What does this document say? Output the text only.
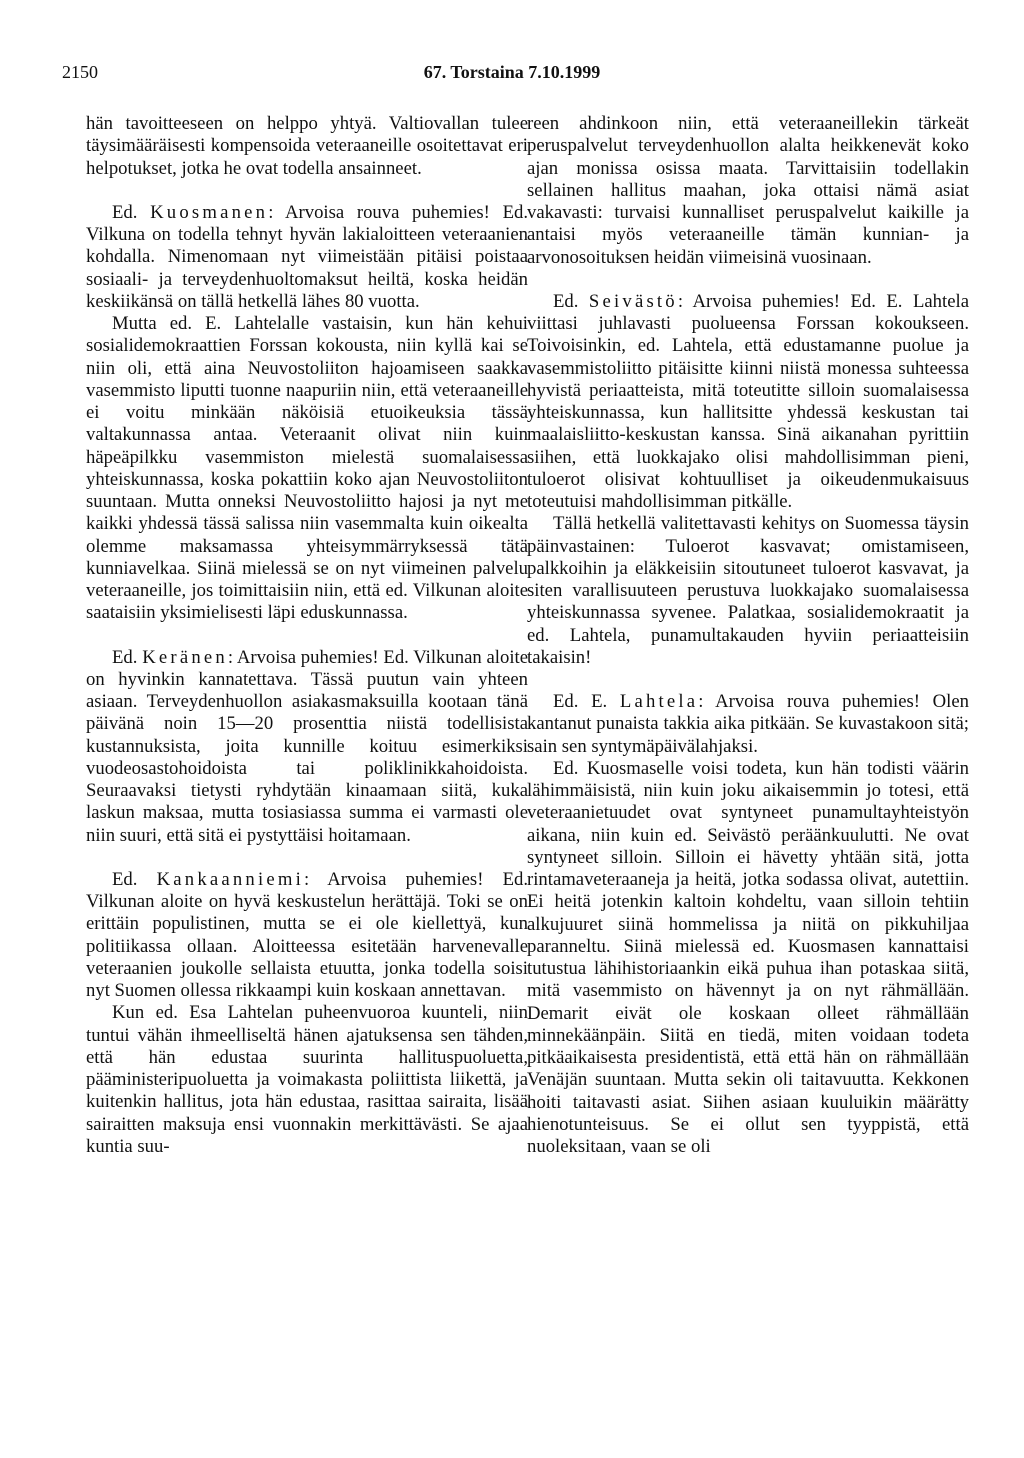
2150	67. Torstaina 7.10.1999

hän tavoitteeseen on helppo yhtyä. Valtiovallan tulee täysimääräisesti kompensoida veteraaneille osoitettavat eri helpotukset, jotka he ovat todella ansainneet.

Ed. Kuosmanen: Arvoisa rouva puhemies! Ed. Vilkuna on todella tehnyt hyvän lakialoitteen veteraanien kohdalla. Nimenomaan nyt viimeistään pitäisi poistaa sosiaali- ja terveydenhuoltomaksut heiltä, koska heidän keskiikänsä on tällä hetkellä lähes 80 vuotta.

Mutta ed. E. Lahtelalle vastaisin, kun hän kehui sosialidemokraattien Forssan kokousta, niin kyllä kai se niin oli, että aina Neuvostoliiton hajoamiseen saakka vasemmisto liputti tuonne naapuriin niin, että veteraaneille ei voitu minkään näköisiä etuoikeuksia tässä valtakunnassa antaa. Veteraanit olivat niin kuin häpeäpilkku vasemmiston mielestä suomalaisessa yhteiskunnassa, koska pokattiin koko ajan Neuvostoliiton suuntaan. Mutta onneksi Neuvostoliitto hajosi ja nyt me kaikki yhdessä tässä salissa niin vasemmalta kuin oikealta olemme maksamassa yhteisymmärryksessä tätä kunniavelkaa. Siinä mielessä se on nyt viimeinen palvelu veteraaneille, jos toimittaisiin niin, että ed. Vilkunan aloite saataisiin yksimielisesti läpi eduskunnassa.

Ed. Keränen: Arvoisa puhemies! Ed. Vilkunan aloite on hyvinkin kannatettava. Tässä puutun vain yhteen asiaan. Terveydenhuollon asiakasmaksuilla kootaan tänä päivänä noin 15—20 prosenttia niistä todellisista kustannuksista, joita kunnille koituu esimerkiksi vuodeosastohoidoista tai poliklinikkahoidoista. Seuraavaksi tietysti ryhdytään kinaamaan siitä, kuka laskun maksaa, mutta tosiasiassa summa ei varmasti ole niin suuri, että sitä ei pystyttäisi hoitamaan.

Ed. Kankaanniemi: Arvoisa puhemies! Ed. Vilkunan aloite on hyvä keskustelun herättäjä. Toki se on erittäin populistinen, mutta se ei ole kiellettyä, kun politiikassa ollaan. Aloitteessa esitetään harvenevalle veteraanien joukolle sellaista etuutta, jonka todella soisi nyt Suomen ollessa rikkaampi kuin koskaan annettavan.

Kun ed. Esa Lahtelan puheenvuoroa kuunteli, niin tuntui vähän ihmeelliseltä hänen ajatuksensa sen tähden, että hän edustaa suurinta hallituspuoluetta, pääministeripuoluetta ja voimakasta poliittista liikettä, ja kuitenkin hallitus, jota hän edustaa, rasittaa sairaita, lisää sairaitten maksuja ensi vuonnakin merkittävästi. Se ajaa kuntia suu-

reen ahdinkoon niin, että veteraaneillekin tärkeät peruspalvelut terveydenhuollon alalta heikkenevät koko ajan monissa osissa maata. Tarvittaisiin todellakin sellainen hallitus maahan, joka ottaisi nämä asiat vakavasti: turvaisi kunnalliset peruspalvelut kaikille ja antaisi myös veteraaneille tämän kunnian- ja arvonosoituksen heidän viimeisinä vuosinaan.

Ed. Seivästö: Arvoisa puhemies! Ed. E. Lahtela viittasi juhlavasti puolueensa Forssan kokoukseen. Toivoisinkin, ed. Lahtela, että edustamanne puolue ja vasemmistoliitto pitäisitte kiinni niistä monessa suhteessa hyvistä periaatteista, mitä toteutitte silloin suomalaisessa yhteiskunnassa, kun hallitsitte yhdessä keskustan tai maalaisliitto-keskustan kanssa. Sinä aikanahan pyrittiin siihen, että luokkajako olisi mahdollisimman pieni, tuloerot olisivat kohtuulliset ja oikeudenmukaisuus toteutuisi mahdollisimman pitkälle.

Tällä hetkellä valitettavasti kehitys on Suomessa täysin päinvastainen: Tuloerot kasvavat; omistamiseen, palkkoihin ja eläkkeisiin sitoutuneet tuloerot kasvavat, ja siten varallisuuteen perustuva luokkajako suomalaisessa yhteiskunnassa syvenee. Palatkaa, sosialidemokraatit ja ed. Lahtela, punamultakauden hyviin periaatteisiin takaisin!

Ed. E. Lahtela: Arvoisa rouva puhemies! Olen kantanut punaista takkia aika pitkään. Se kuvastakoon sitä; sain sen syntymäpäivälahjaksi.

Ed. Kuosmaselle voisi todeta, kun hän todisti väärin lähimmäisistä, niin kuin joku aikaisemmin jo totesi, että veteraanietuudet ovat syntyneet punamultayhteistyön aikana, niin kuin ed. Seivästö peräänkuulutti. Ne ovat syntyneet silloin. Silloin ei hävetty yhtään sitä, jotta rintamaveteraaneja ja heitä, jotka sodassa olivat, autettiin. Ei heitä jotenkin kaltoin kohdeltu, vaan silloin tehtiin alkujuuret siinä hommelissa ja niitä on pikkuhiljaa paranneltu. Siinä mielessä ed. Kuosmasen kannattaisi tutustua lähihistoriaankin eikä puhua ihan potaskaa siitä, mitä vasemmisto on hävennyt ja on nyt rähmällään. Demarit eivät ole koskaan olleet rähmällään minnekäänpäin. Siitä en tiedä, miten voidaan todeta pitkäaikaisesta presidentistä, että että hän on rähmällään Venäjän suuntaan. Mutta sekin oli taitavuutta. Kekkonen hoiti taitavasti asiat. Siihen asiaan kuuluikin määrätty hienotunteisuus. Se ei ollut sen tyyppistä, että nuoleksitaan, vaan se oli
